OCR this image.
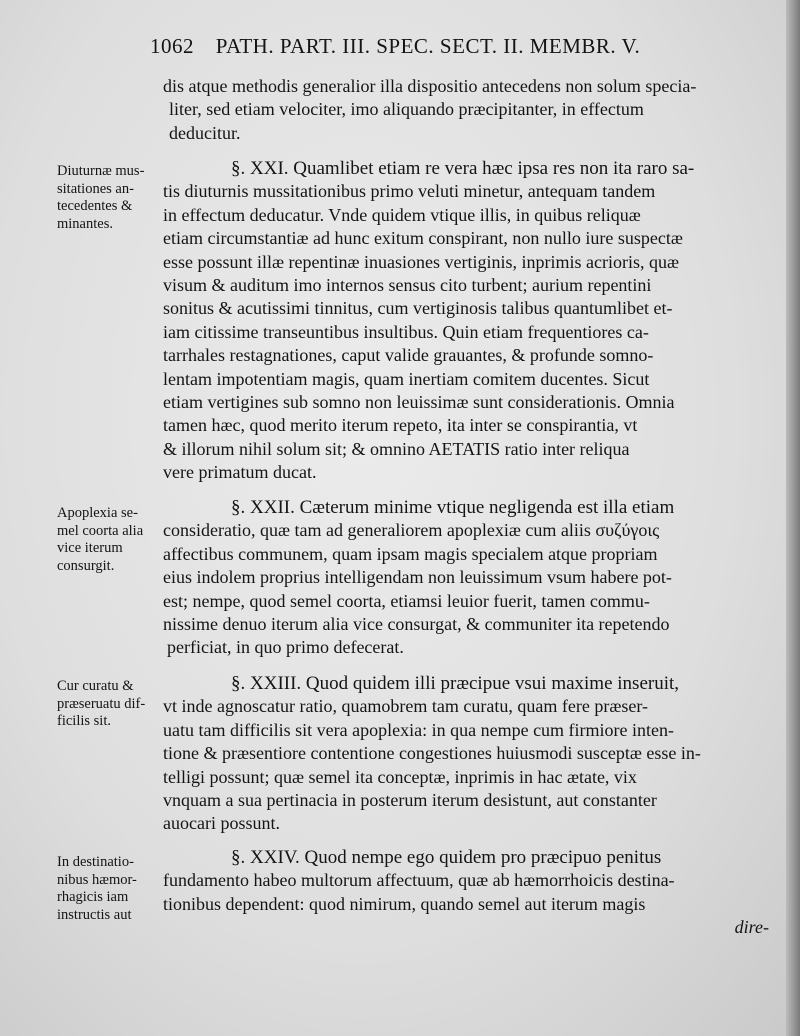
1062 PATH. PART. III. SPEC. SECT. II. MEMBR. V.
dis atque methodis generalior illa dispositio antecedens non solum specia-
liter, sed etiam velociter, imo aliquando præcipitanter, in effectum
deducitur.
Diuturnæ mus-
sitationes an-
tecedentes &
minantes.
§. XXI. Quamlibet etiam re vera hæc ipsa res non ita raro sa-
tis diuturnis mussitationibus primo veluti minetur, antequam tandem
in effectum deducatur. Vnde quidem vtique illis, in quibus reliquæ
etiam circumstantiæ ad hunc exitum conspirant, non nullo iure suspectæ
esse possunt illæ repentinæ inuasiones vertiginis, inprimis acrioris, quæ
visum & auditum imo internos sensus cito turbent; aurium repentini
sonitus & acutissimi tinnitus, cum vertiginosis talibus quantumlibet et-
iam citissime transeuntibus insultibus. Quin etiam frequentiores ca-
tarrhales restagnationes, caput valide grauantes, & profunde somno-
lentam impotentiam magis, quam inertiam comitem ducentes. Sicut
etiam vertigines sub somno non leuissimæ sunt considerationis. Omnia
tamen hæc, quod merito iterum repeto, ita inter se conspirantia, vt
& illorum nihil solum sit; & omnino AETATIS ratio inter reliqua
vere primatum ducat.
Apoplexia se-
mel coorta alia
vice iterum
consurgit.
§. XXII. Cæterum minime vtique negligenda est illa etiam
consideratio, quæ tam ad generaliorem apoplexiæ cum aliis συζύγοις
affectibus communem, quam ipsam magis specialem atque propriam
eius indolem proprius intelligendam non leuissimum vsum habere pot-
est; nempe, quod semel coorta, etiamsi leuior fuerit, tamen commu-
nissime denuo iterum alia vice consurgat, & communiter ita repetendo
perficiat, in quo primo defecerat.
Cur curatu &
præseruatu dif-
ficilis sit.
§. XXIII. Quod quidem illi præcipue vsui maxime inseruit,
vt inde agnoscatur ratio, quamobrem tam curatu, quam fere præser-
uatu tam difficilis sit vera apoplexia: in qua nempe cum firmiore inten-
tione & præsentiore contentione congestiones huiusmodi susceptæ esse in-
telligi possunt; quæ semel ita conceptæ, inprimis in hac ætate, vix
vnquam a sua pertinacia in posterum iterum desistunt, aut constanter
auocari possunt.
In destinatio-
nibus hæmor-
rhagicis iam
instructis aut
§. XXIV. Quod nempe ego quidem pro præcipuo penitus
fundamento habeo multorum affectuum, quæ ab hæmorrhoicis destina-
tionibus dependent: quod nimirum, quando semel aut iterum magis
dire-
